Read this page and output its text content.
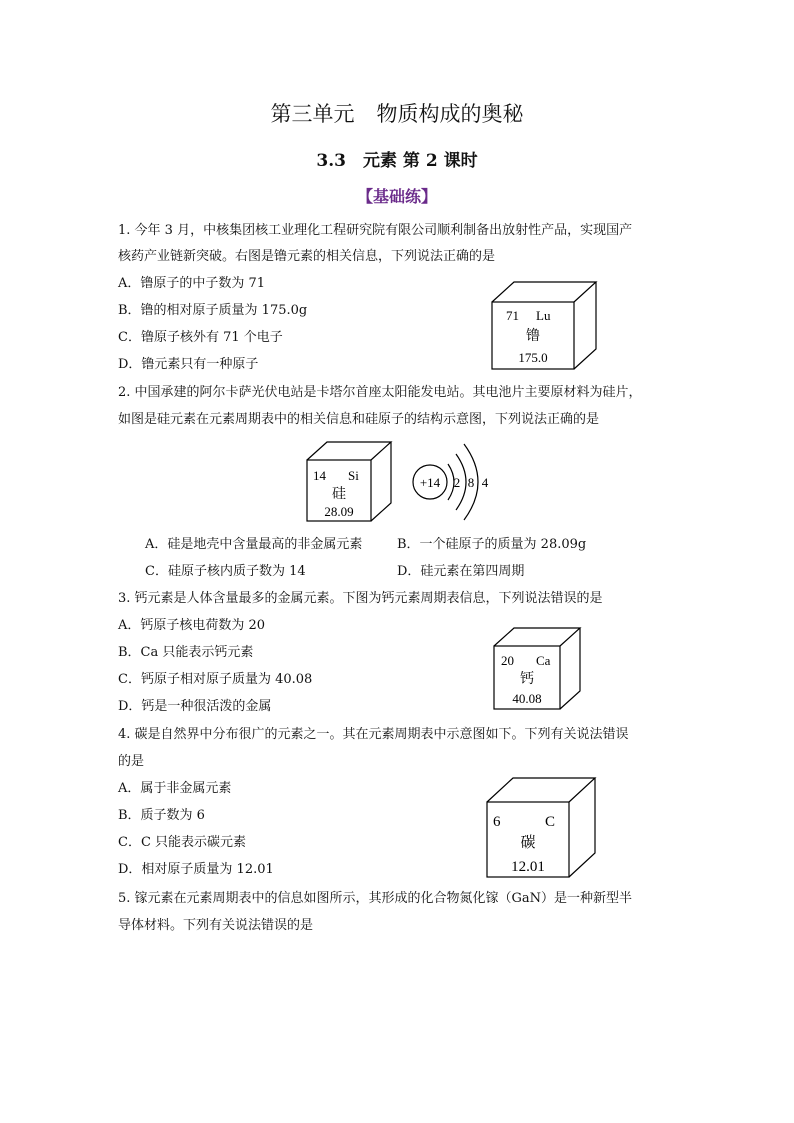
第三单元 物质构成的奥秘
3.3　元素 第 2 课时
【基础练】
1. 今年 3 月，中核集团核工业理化工程研究院有限公司顺利制备出放射性产品，实现国产
核药产业链新突破。右图是镥元素的相关信息，下列说法正确的是
A．镥原子的中子数为 71
B．镥的相对原子质量为 175.0g
C．镥原子核外有 71 个电子
D．镥元素只有一种原子
71 Lu
镥
175.0
2. 中国承建的阿尔卡萨光伏电站是卡塔尔首座太阳能发电站。其电池片主要原材料为硅片，
如图是硅元素在元素周期表中的相关信息和硅原子的结构示意图，下列说法正确的是
14 Si
硅
28.09
+14 2 8 4
A．硅是地壳中含量最高的非金属元素	B．一个硅原子的质量为 28.09g
C．硅原子核内质子数为 14	D．硅元素在第四周期
3. 钙元素是人体含量最多的金属元素。下图为钙元素周期表信息，下列说法错误的是
A．钙原子核电荷数为 20
B．Ca 只能表示钙元素
C．钙原子相对原子质量为 40.08
D．钙是一种很活泼的金属
20 Ca
钙
40.08
4. 碳是自然界中分布很广的元素之一。其在元素周期表中示意图如下。下列有关说法错误
的是
A．属于非金属元素
B．质子数为 6
C．C 只能表示碳元素
D．相对原子质量为 12.01
6	C
碳
12.01
5. 镓元素在元素周期表中的信息如图所示，其形成的化合物氮化镓（GaN）是一种新型半
导体材料。下列有关说法错误的是
